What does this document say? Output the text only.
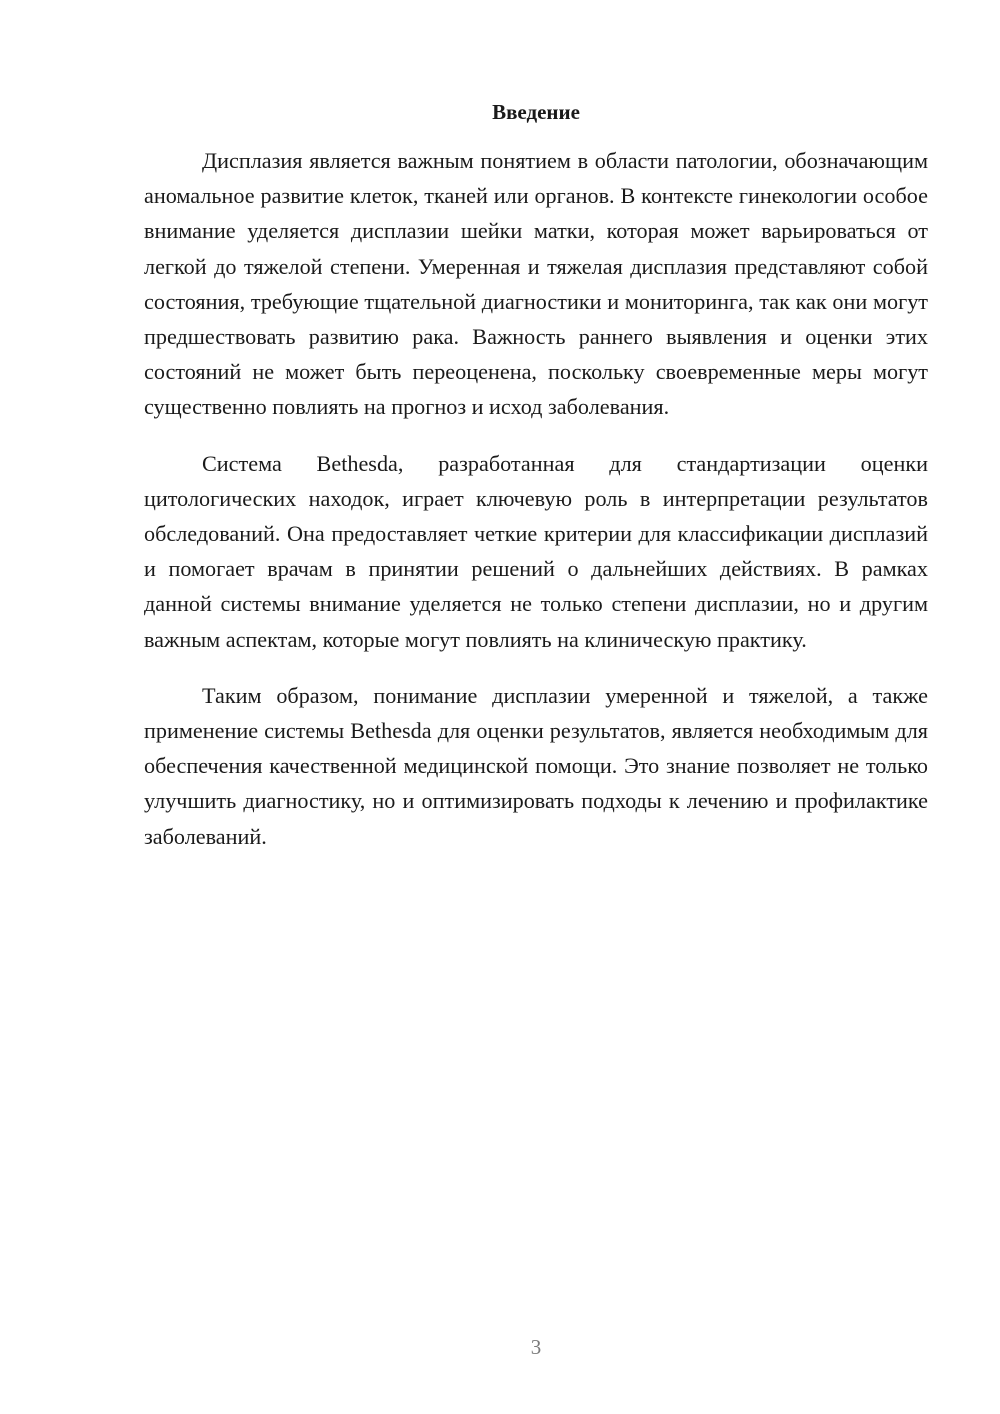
Введение

Дисплазия является важным понятием в области патологии, обозначающим аномальное развитие клеток, тканей или органов. В контексте гинекологии особое внимание уделяется дисплазии шейки матки, которая может варьироваться от легкой до тяжелой степени. Умеренная и тяжелая дисплазия представляют собой состояния, требующие тщательной диагностики и мониторинга, так как они могут предшествовать развитию рака. Важность раннего выявления и оценки этих состояний не может быть переоценена, поскольку своевременные меры могут существенно повлиять на прогноз и исход заболевания.

Система Bethesda, разработанная для стандартизации оценки цитологических находок, играет ключевую роль в интерпретации результатов обследований. Она предоставляет четкие критерии для классификации дисплазий и помогает врачам в принятии решений о дальнейших действиях. В рамках данной системы внимание уделяется не только степени дисплазии, но и другим важным аспектам, которые могут повлиять на клиническую практику.

Таким образом, понимание дисплазии умеренной и тяжелой, а также применение системы Bethesda для оценки результатов, является необходимым для обеспечения качественной медицинской помощи. Это знание позволяет не только улучшить диагностику, но и оптимизировать подходы к лечению и профилактике заболеваний.

3
